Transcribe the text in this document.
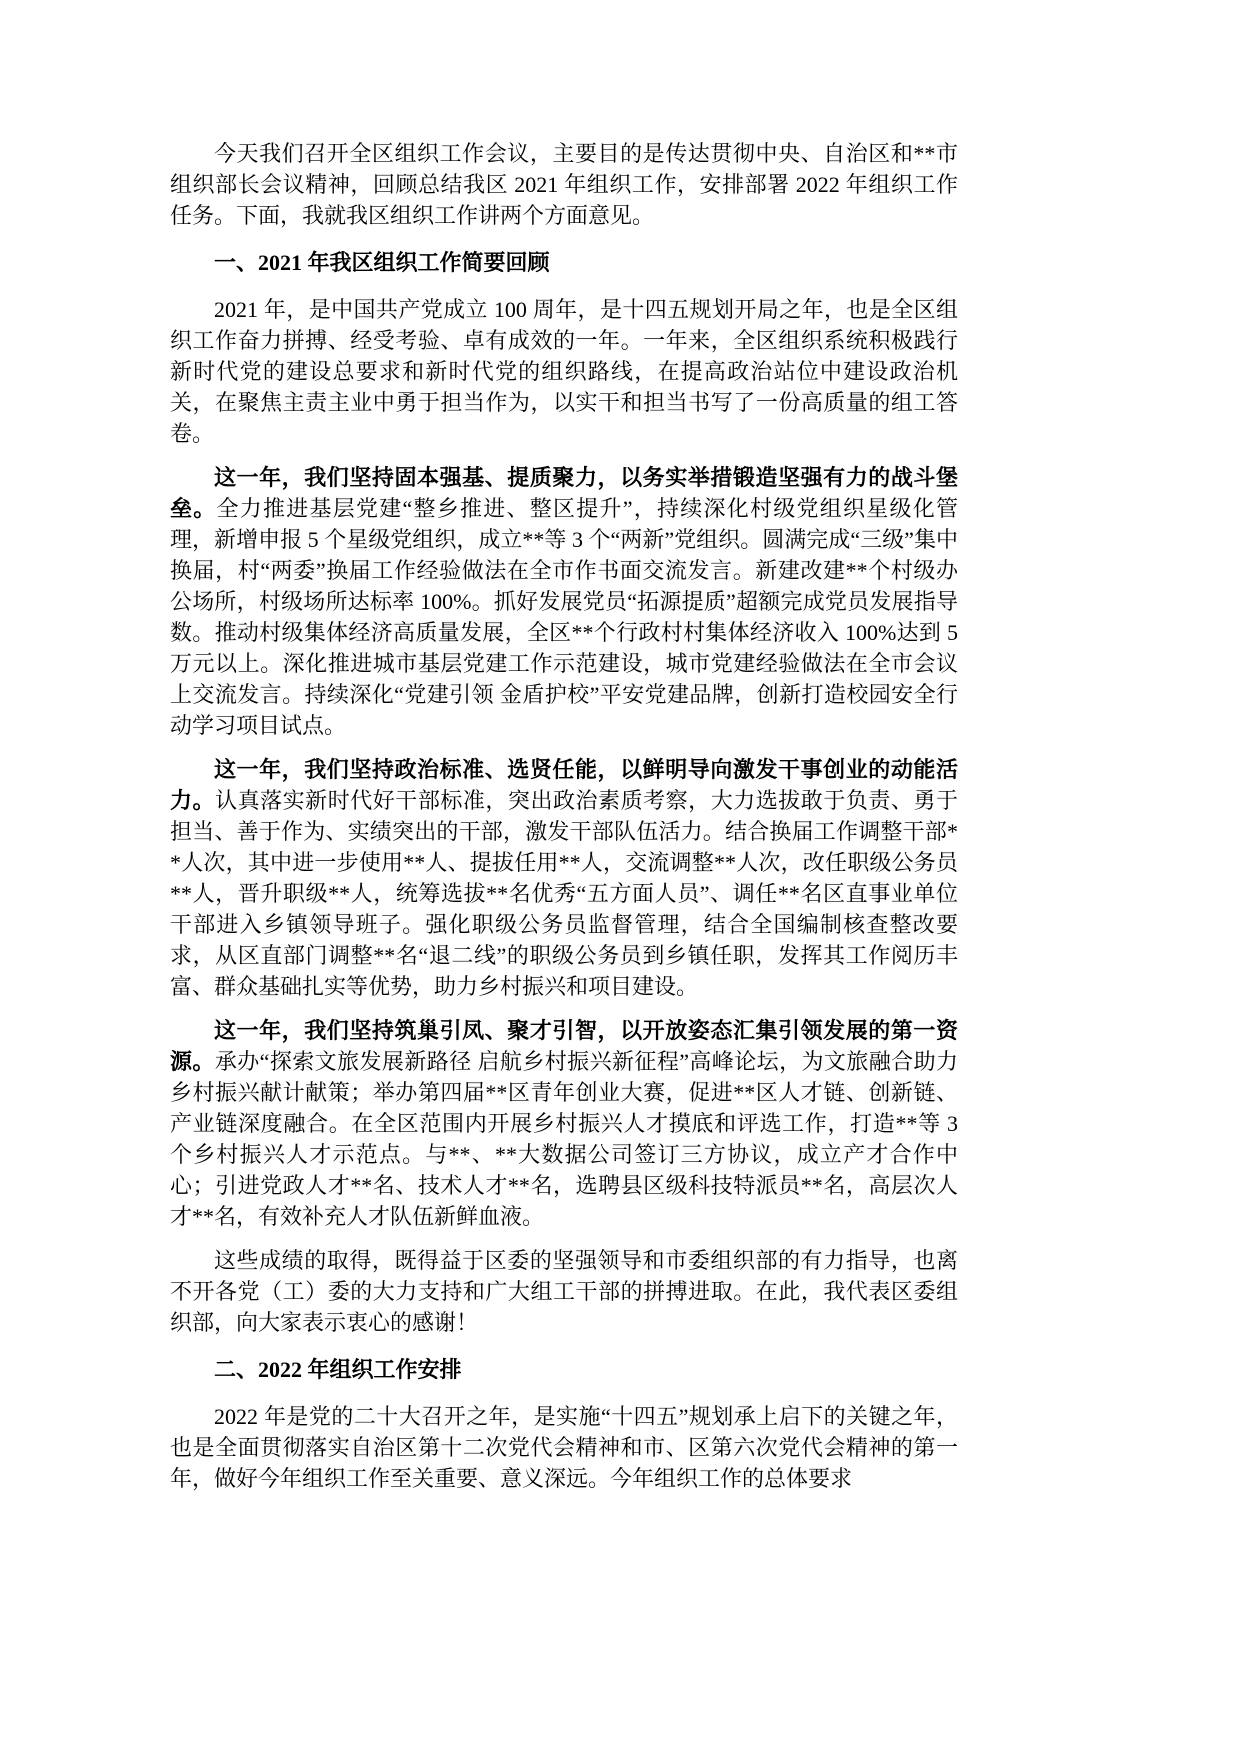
今天我们召开全区组织工作会议，主要目的是传达贯彻中央、自治区和**市组织部长会议精神，回顾总结我区 2021 年组织工作，安排部署 2022 年组织工作任务。下面，我就我区组织工作讲两个方面意见。

一、2021 年我区组织工作简要回顾

2021 年，是中国共产党成立 100 周年，是十四五规划开局之年，也是全区组织工作奋力拼搏、经受考验、卓有成效的一年。一年来，全区组织系统积极践行新时代党的建设总要求和新时代党的组织路线，在提高政治站位中建设政治机关，在聚焦主责主业中勇于担当作为，以实干和担当书写了一份高质量的组工答卷。

这一年，我们坚持固本强基、提质聚力，以务实举措锻造坚强有力的战斗堡垒。全力推进基层党建“整乡推进、整区提升”，持续深化村级党组织星级化管理，新增申报 5 个星级党组织，成立**等 3 个“两新”党组织。圆满完成“三级”集中换届，村“两委”换届工作经验做法在全市作书面交流发言。新建改建**个村级办公场所，村级场所达标率 100%。抓好发展党员“拓源提质”超额完成党员发展指导数。推动村级集体经济高质量发展，全区**个行政村村集体经济收入 100%达到 5 万元以上。深化推进城市基层党建工作示范建设，城市党建经验做法在全市会议上交流发言。持续深化“党建引领 金盾护校”平安党建品牌，创新打造校园安全行动学习项目试点。

这一年，我们坚持政治标准、选贤任能，以鲜明导向激发干事创业的动能活力。认真落实新时代好干部标准，突出政治素质考察，大力选拔敢于负责、勇于担当、善于作为、实绩突出的干部，激发干部队伍活力。结合换届工作调整干部**人次，其中进一步使用**人、提拔任用**人，交流调整**人次，改任职级公务员**人，晋升职级**人，统筹选拔**名优秀“五方面人员”、调任**名区直事业单位干部进入乡镇领导班子。强化职级公务员监督管理，结合全国编制核查整改要求，从区直部门调整**名“退二线”的职级公务员到乡镇任职，发挥其工作阅历丰富、群众基础扎实等优势，助力乡村振兴和项目建设。

这一年，我们坚持筑巢引凤、聚才引智，以开放姿态汇集引领发展的第一资源。承办“探索文旅发展新路径 启航乡村振兴新征程”高峰论坛，为文旅融合助力乡村振兴献计献策；举办第四届**区青年创业大赛，促进**区人才链、创新链、产业链深度融合。在全区范围内开展乡村振兴人才摸底和评选工作，打造**等 3 个乡村振兴人才示范点。与**、**大数据公司签订三方协议，成立产才合作中心；引进党政人才**名、技术人才**名，选聘县区级科技特派员**名，高层次人才**名，有效补充人才队伍新鲜血液。

这些成绩的取得，既得益于区委的坚强领导和市委组织部的有力指导，也离不开各党（工）委的大力支持和广大组工干部的拼搏进取。在此，我代表区委组织部，向大家表示衷心的感谢！

二、2022 年组织工作安排

2022 年是党的二十大召开之年，是实施“十四五”规划承上启下的关键之年，也是全面贯彻落实自治区第十二次党代会精神和市、区第六次党代会精神的第一年，做好今年组织工作至关重要、意义深远。今年组织工作的总体要求
